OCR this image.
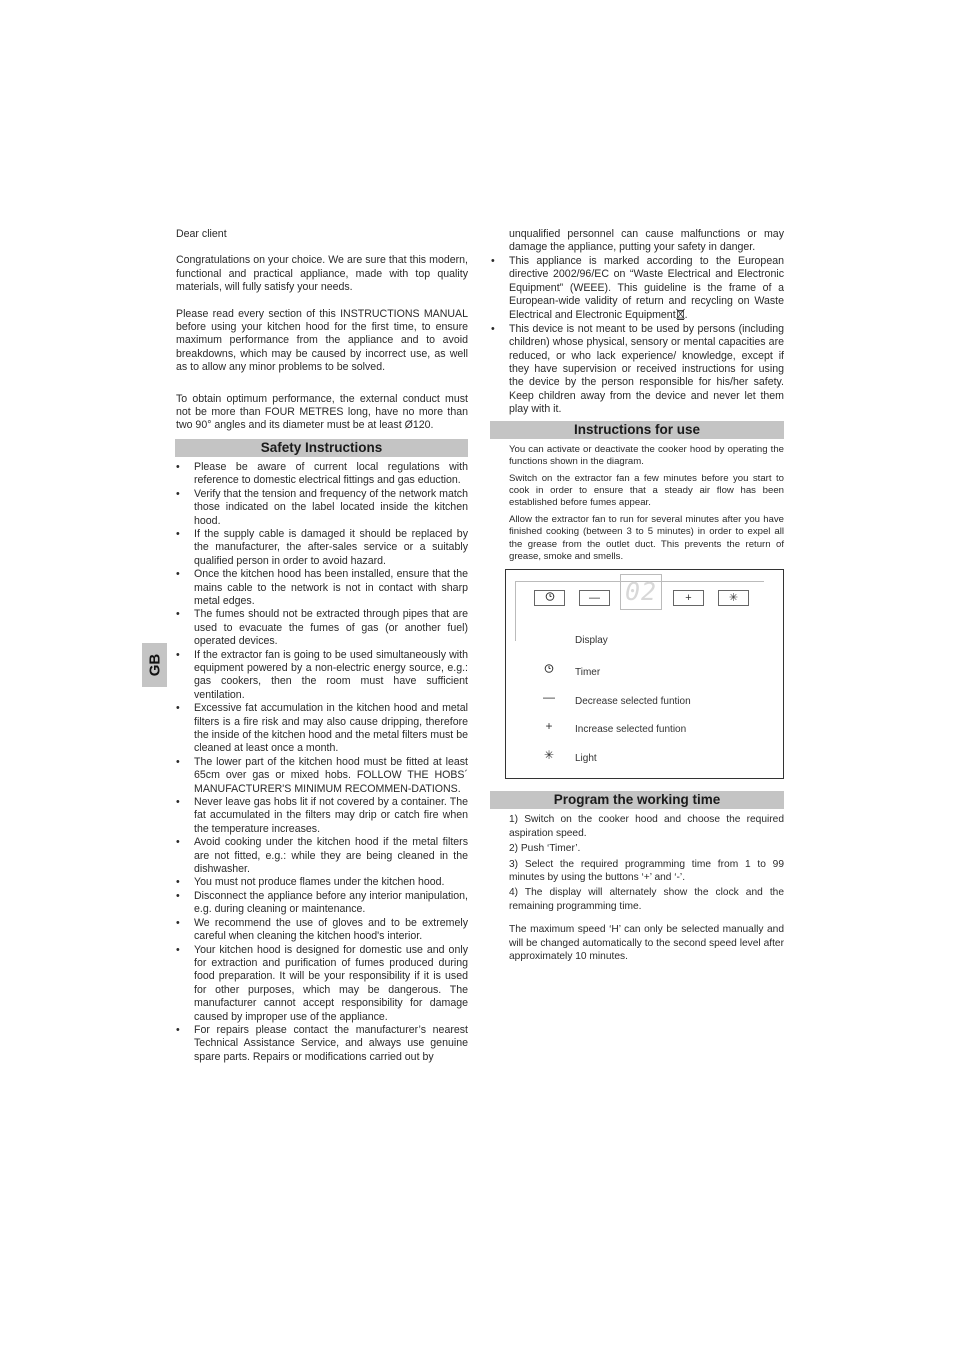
GB

Dear client

Congratulations on your choice. We are sure that this modern, functional and practical appliance, made with top quality materials, will fully satisfy your needs.

Please read every section of this INSTRUCTIONS MANUAL before using your kitchen hood for the first time, to ensure maximum performance from the appliance and to avoid breakdowns, which may be caused by incorrect use, as well as to allow any minor problems to be solved.

To obtain optimum performance, the external conduct must not be more than FOUR METRES long, have no more than two 90° angles and its diameter must be at least Ø120.

Safety Instructions
• Please be aware of current local regulations with reference to domestic electrical fittings and gas eduction.
• Verify that the tension and frequency of the network match those indicated on the label located inside the kitchen hood.
• If the supply cable is damaged it should be replaced by the manufacturer, the after-sales service or a suitably qualified person in order to avoid hazard.
• Once the kitchen hood has been installed, ensure that the mains cable to the network is not in contact with sharp metal edges.
• The fumes should not be extracted through pipes that are used to evacuate the fumes of gas (or another fuel) operated devices.
• If the extractor fan is going to be used simultaneously with equipment powered by a non-electric energy source, e.g.: gas cookers, then the room must have sufficient ventilation.
• Excessive fat accumulation in the kitchen hood and metal filters is a fire risk and may also cause dripping, therefore the inside of the kitchen hood and the metal filters must be cleaned at least once a month.
• The lower part of the kitchen hood must be fitted at least 65cm over gas or mixed hobs. FOLLOW THE HOBS´ MANUFACTURER'S MINIMUM RECOMMEN-DATIONS.
• Never leave gas hobs lit if not covered by a container. The fat accumulated in the filters may drip or catch fire when the temperature increases.
• Avoid cooking under the kitchen hood if the metal filters are not fitted, e.g.: while they are being cleaned in the dishwasher.
• You must not produce flames under the kitchen hood.
• Disconnect the appliance before any interior manipulation, e.g. during cleaning or maintenance.
• We recommend the use of gloves and to be extremely careful when cleaning the kitchen hood's interior.
• Your kitchen hood is designed for domestic use and only for extraction and purification of fumes produced during food preparation. It will be your responsibility if it is used for other purposes, which may be dangerous. The manufacturer cannot accept responsibility for damage caused by improper use of the appliance.
• For repairs please contact the manufacturer’s nearest Technical Assistance Service, and always use genuine spare parts. Repairs or modifications carried out by

unqualified personnel can cause malfunctions or may damage the appliance, putting your safety in danger.

• This appliance is marked according to the European directive 2002/96/EC on “Waste Electrical and Electronic Equipment” (WEEE). This guideline is the frame of a European-wide validity of return and recycling on Waste Electrical and Electronic Equipment .
• This device is not meant to be used by persons (including children) whose physical, sensory or mental capacities are reduced, or who lack experience/ knowledge, except if they have supervision or received instructions for using the device by the person responsible for his/her safety. Keep children away from the device and never let them play with it.
Instructions for use

You can activate or deactivate the cooker hood by operating the functions shown in the diagram.

Switch on the extractor fan a few minutes before you start to cook in order to ensure that a steady air flow has been established before fumes appear.

Allow the extractor fan to run for several minutes after you have finished cooking (between 3 to 5 minutes) in order to expel all the grease from the outlet duct. This prevents the return of grease, smoke and smells.

— 02	+	✳
Display
Timer
— Decrease selected funtion
+	Increase selected funtion
✳ Light
Program the working time

1) Switch on the cooker hood and choose the required aspiration speed.

2) Push ‘Timer’.

3) Select the required programming time from 1 to 99 minutes by using the buttons ‘+’ and ‘-’.

4) The display will alternately show the clock and the remaining programming time.

The maximum speed ‘H’ can only be selected manually and will be changed automatically to the second speed level after approximately 10 minutes.
